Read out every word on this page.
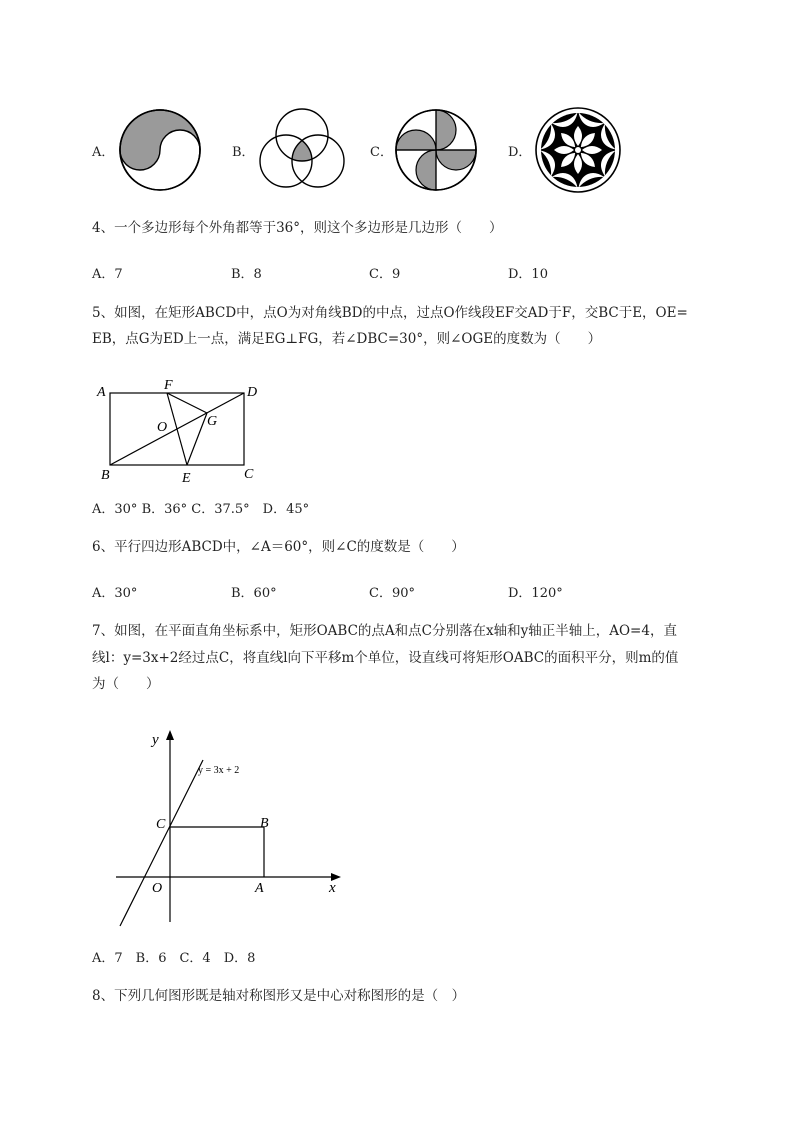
A．	B．	C．	D．
4、一个多边形每个外角都等于36°，则这个多边形是几边形（　　）
A．7	B．8	C．9	D．10
5、如图，在矩形ABCD中，点O为对角线BD的中点，过点O作线段EF交AD于F，交BC于E，OE=
EB，点G为ED上一点，满足EG⊥FG，若∠DBC=30°，则∠OGE的度数为（　　）
A	D
B	C
F
E
G
O
A．30° B．36° C．37.5°　D．45°
6、平行四边形ABCD中，∠A＝60°，则∠C的度数是（　　）
A．30°	B．60°	C．90°	D．120°
7、如图，在平面直角坐标系中，矩形OABC的点A和点C分别落在x轴和y轴正半轴上，AO=4，直
线l：y=3x+2经过点C，将直线l向下平移m个单位，设直线可将矩形OABC的面积平分，则m的值
为（　　）
y = 3x + 2
y
x
O	A
B
C
A．7　B．6　C．4　D．8
8、下列几何图形既是轴对称图形又是中心对称图形的是（　）
